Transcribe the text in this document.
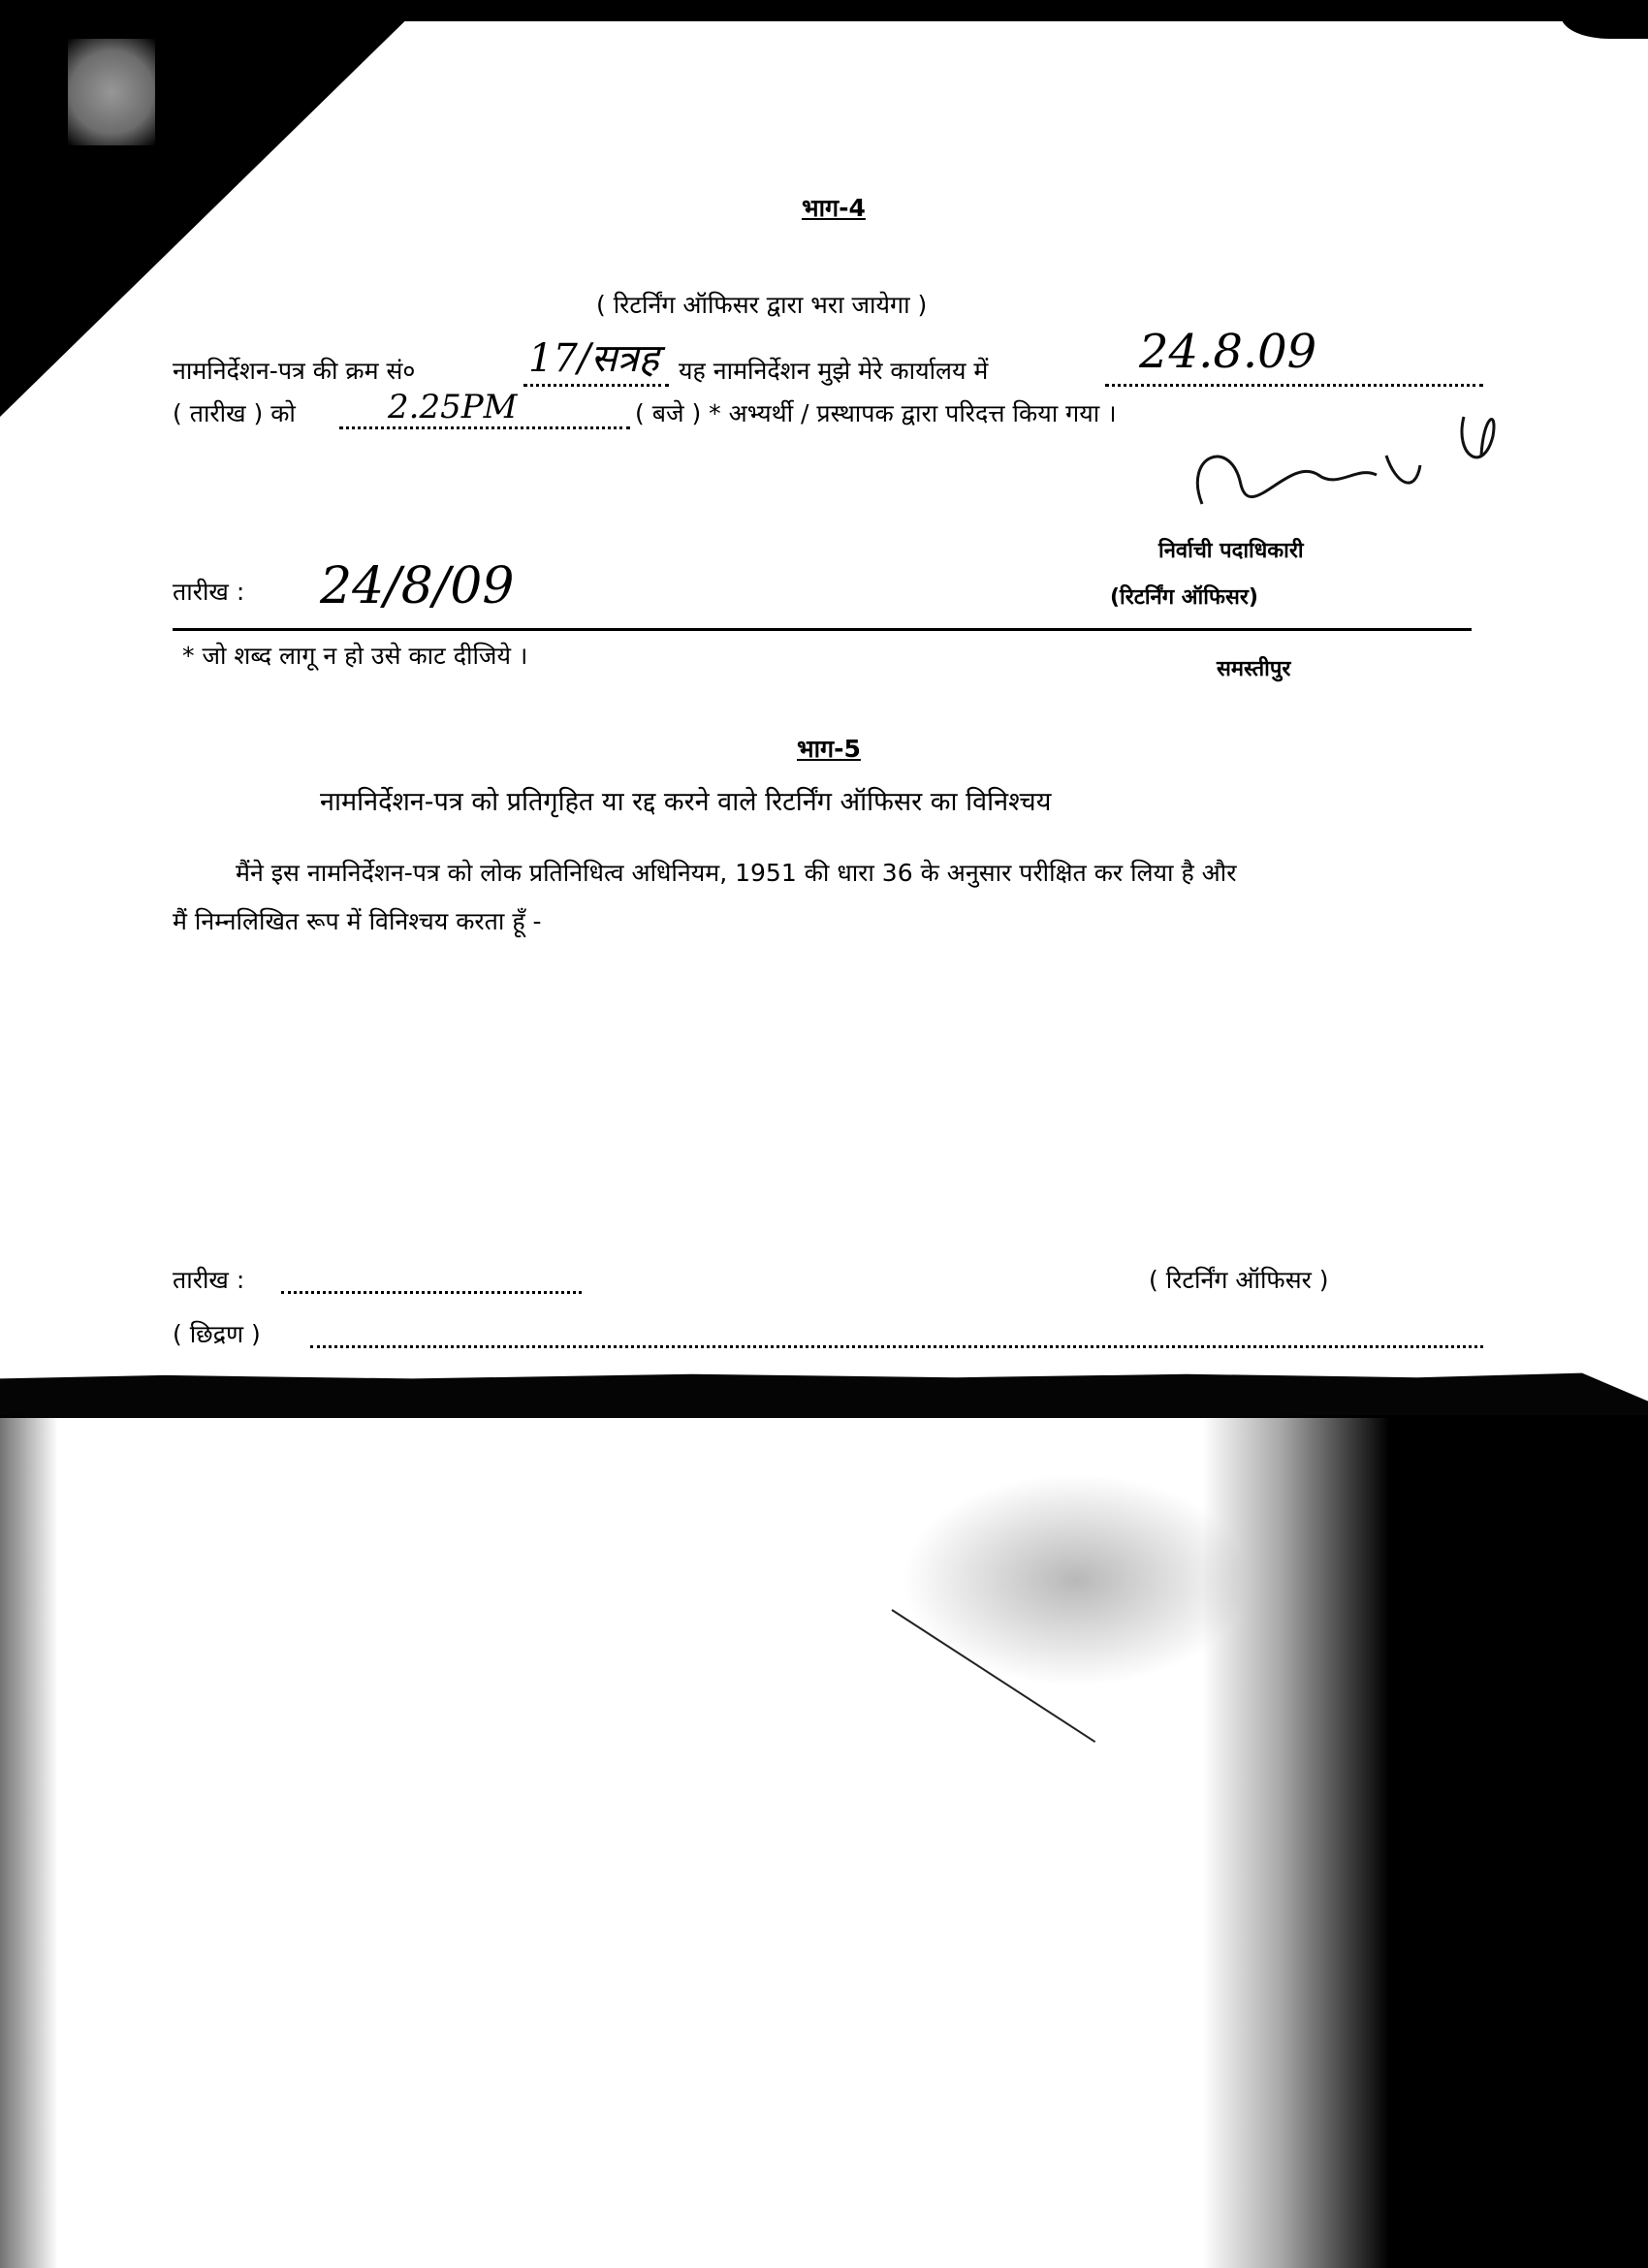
भाग-4
( रिटर्निंग ऑफिसर द्वारा भरा जायेगा )
नामनिर्देशन-पत्र की क्रम सं०	17/सत्रह यह नामनिर्देशन मुझे मेरे कार्यालय में	24.8.09
( तारीख ) को	2.25PM	( बजे ) * अभ्यर्थी / प्रस्थापक द्वारा परिदत्त किया गया ।
तारीख : 24/8/09
निर्वाची पदाधिकारी
(रिटर्निंग ऑफिसर)
समस्तीपुर
* जो शब्द लागू न हो उसे काट दीजिये ।
भाग-5
नामनिर्देशन-पत्र को प्रतिगृहित या रद्द करने वाले रिटर्निंग ऑफिसर का विनिश्चय
मैंने इस नामनिर्देशन-पत्र को लोक प्रतिनिधित्व अधिनियम, 1951 की धारा 36 के अनुसार परीक्षित कर लिया है और
मैं निम्नलिखित रूप में विनिश्चय करता हूँ -
तारीख :	( रिटर्निंग ऑफिसर )
( छिद्रण )
